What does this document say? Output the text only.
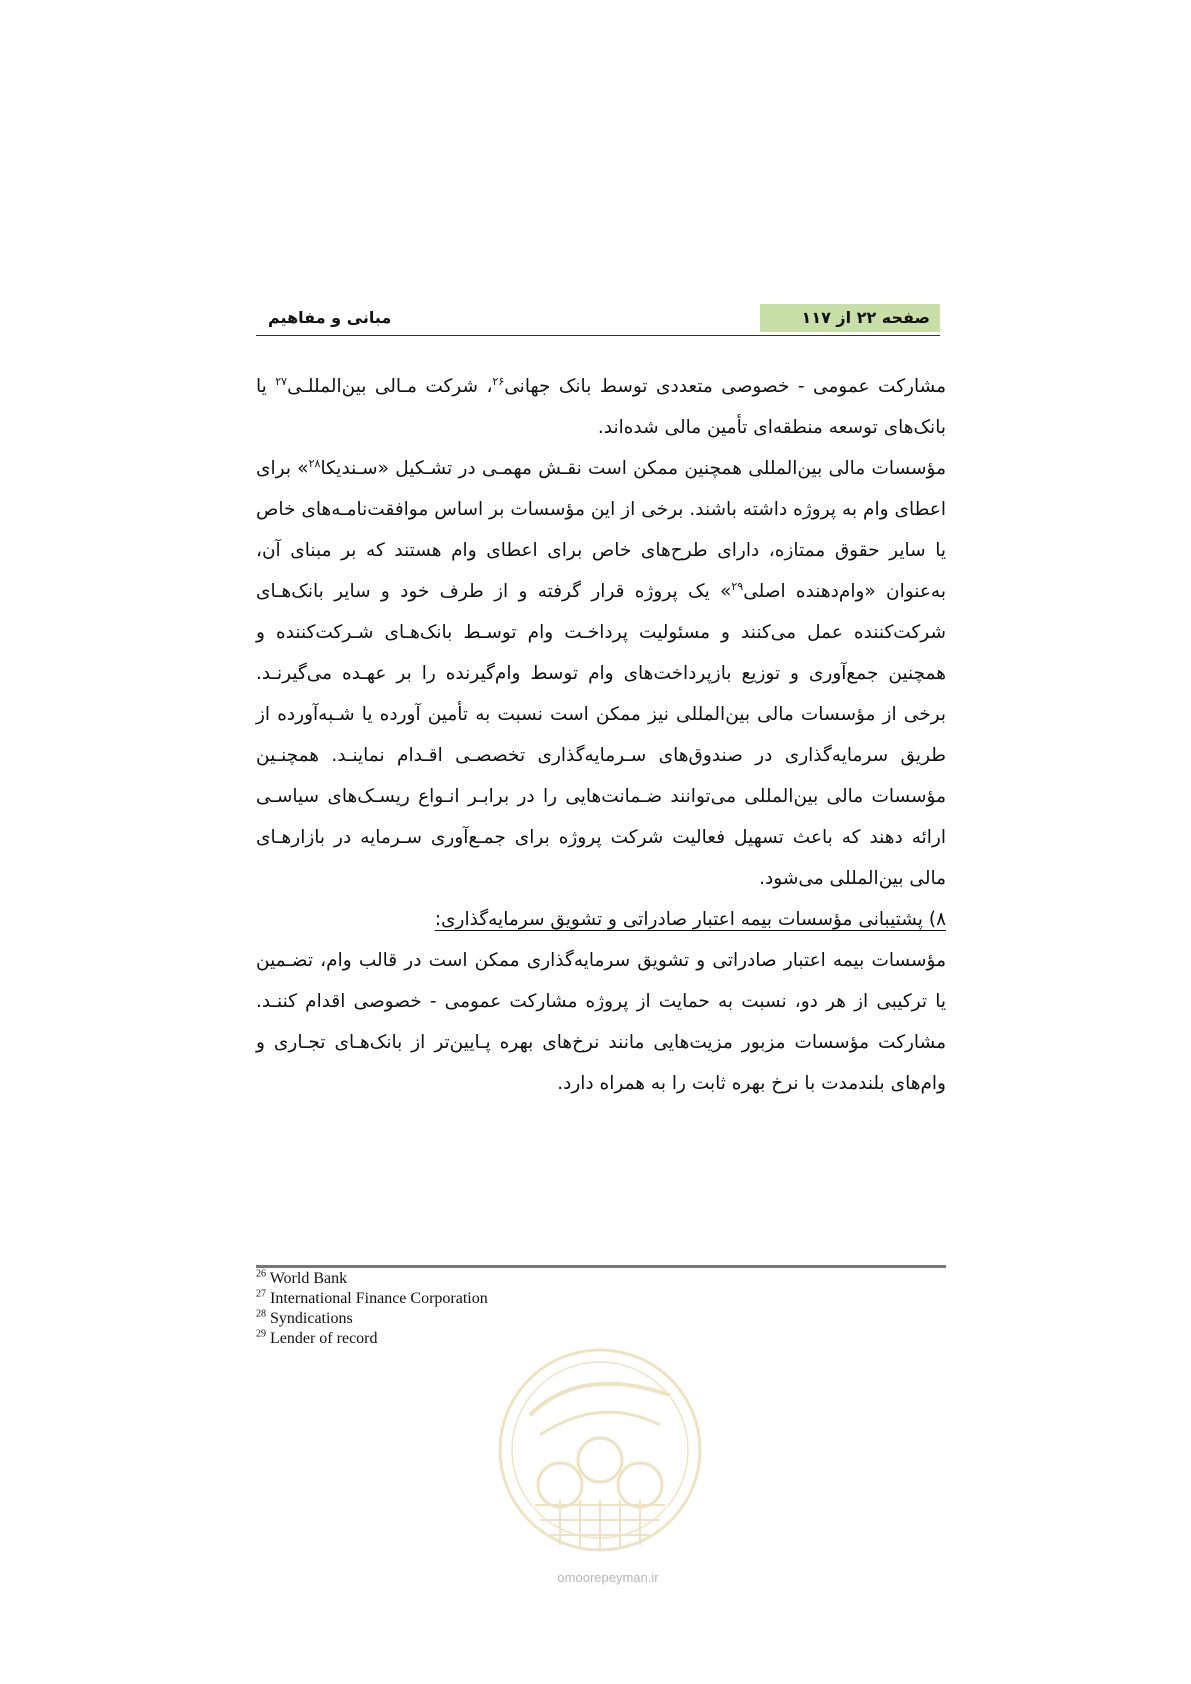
صفحه ۲۲ از ۱۱۷
مبانی و مفاهیم

مشارکت عمومی - خصوصی متعددی توسط بانک جهانی$^{۲۶}$، شرکت مـالی بین‌المللـی$^{۲۷}$ یا بانک‌های توسعه منطقه‌ای تأمین مالی شده‌اند.

مؤسسات مالی بین‌المللی همچنین ممکن است نقـش مهمـی در تشـکیل «سـندیکا$^{۲۸}$» برای اعطای وام به پروژه داشته باشند. برخی از این مؤسسات بر اساس موافقت‌نامـه‌های خاص یا سایر حقوق ممتازه، دارای طرح‌های خاص برای اعطای وام هستند که بر مبنای آن، به‌عنوان «وام‌دهنده اصلی$^{۲۹}$» یک پروژه قرار گرفته و از طرف خود و سایر بانک‌هـای شرکت‌کننده عمل می‌کنند و مسئولیت پرداخـت وام توسـط بانک‌هـای شـرکت‌کننده و همچنین جمع‌آوری و توزیع بازپرداخت‌های وام توسط وام‌گیرنده را بر عهـده می‌گیرنـد. برخی از مؤسسات مالی بین‌المللی نیز ممکن است نسبت به تأمین آورده یا شـبه‌آورده از طریق سرمایه‌گذاری در صندوق‌های سـرمایه‌گذاری تخصصـی اقـدام نماینـد. همچنـین مؤسسات مالی بین‌المللی می‌توانند ضـمانت‌هایی را در برابـر انـواع ریسـک‌های سیاسـی ارائه دهند که باعث تسهیل فعالیت شرکت پروژه برای جمـع‌آوری سـرمایه در بازارهـای مالی بین‌المللی می‌شود.

۸) پشتیبانی مؤسسات بیمه اعتبار صادراتی و تشویق سرمایه‌گذاری:

مؤسسات بیمه اعتبار صادراتی و تشویق سرمایه‌گذاری ممکن است در قالب وام، تضـمین یا ترکیبی از هر دو، نسبت به حمایت از پروژه مشارکت عمومی - خصوصی اقدام کننـد. مشارکت مؤسسات مزبور مزیت‌هایی مانند نرخ‌های بهره پـایین‌تر از بانک‌هـای تجـاری و وام‌های بلندمدت با نرخ بهره ثابت را به همراه دارد.

$^{26}$ World Bank
$^{27}$ International Finance Corporation
$^{28}$ Syndications
$^{29}$ Lender of record
omoorepeyman.ir
